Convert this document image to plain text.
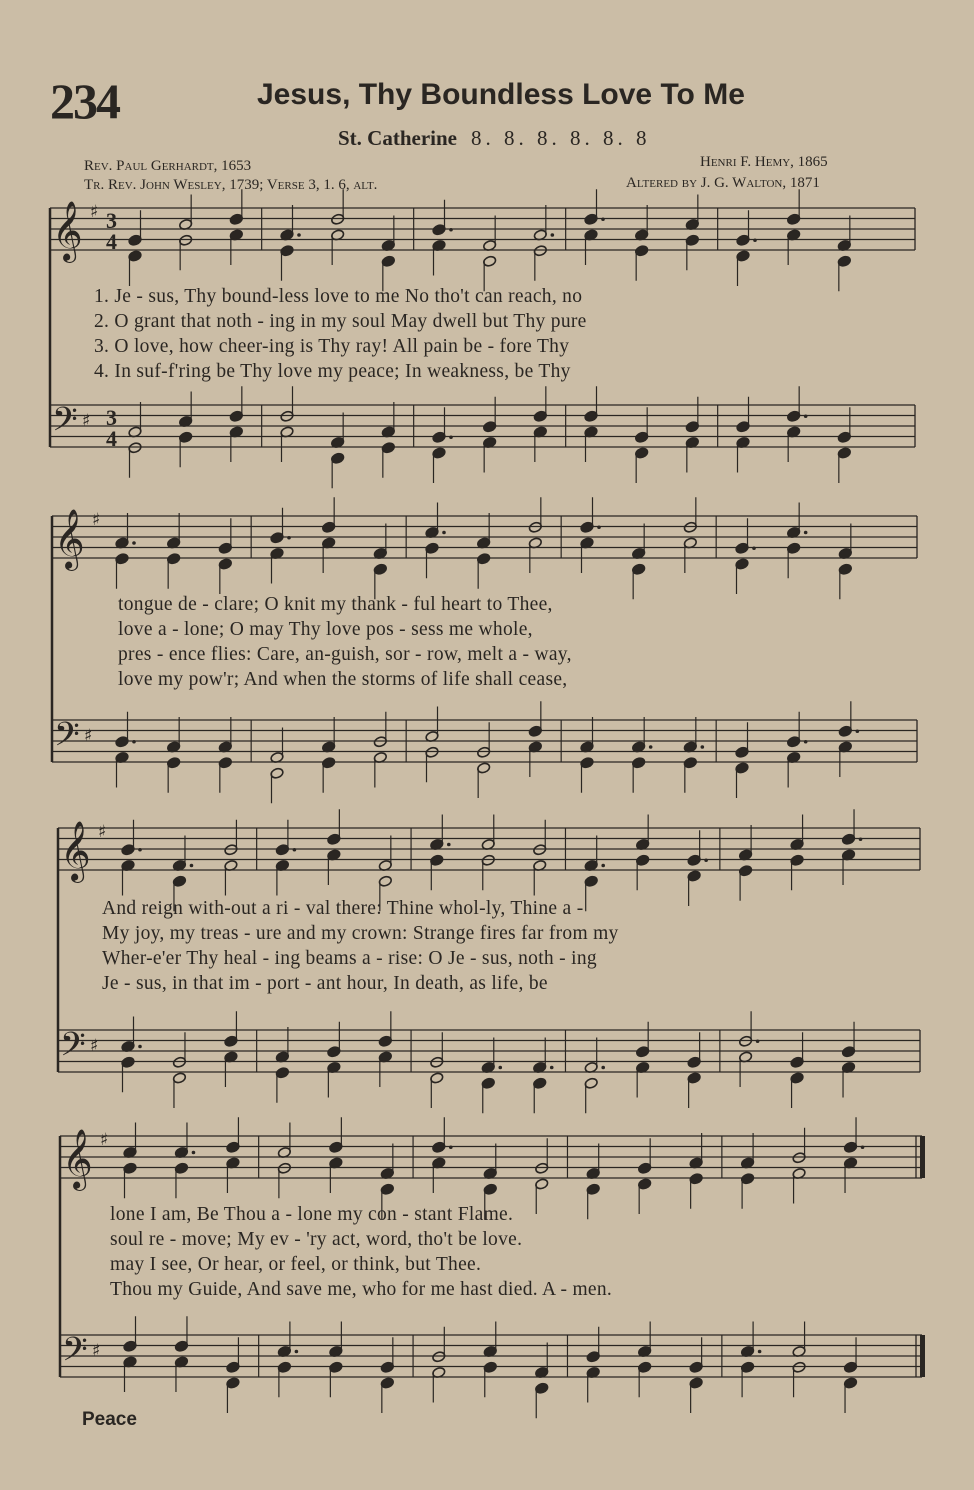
234	Jesus, Thy Boundless Love To Me
St. Catherine 8. 8. 8. 8. 8. 8
Rev. Paul Gerhardt, 1653
Tr. Rev. John Wesley, 1739; Verse 3, 1. 6, alt.
Henri F. Hemy, 1865
Altered by J. G. Walton, 1871
𝄞 ♯ 3
4
𝄢 ♯ 3
4
𝄞 ♯
𝄢 ♯
𝄞 ♯
𝄢 ♯
𝄞 ♯
𝄢 ♯
1. Je - sus, Thy bound-less love to me No tho't can reach, no
2. O grant that noth - ing in my soul May dwell but Thy pure
3. O love, how cheer-ing is Thy ray! All pain be - fore Thy
4. In suf-f'ring be Thy love my peace; In weakness, be Thy
tongue de - clare; O knit my thank - ful heart to Thee,
love a - lone; O may Thy love pos - sess me whole,
pres - ence flies: Care, an-guish, sor - row, melt a - way,
love my pow'r; And when the storms of life shall cease,
And reign with-out a ri - val there: Thine whol-ly, Thine a -
My joy, my treas - ure and my crown: Strange fires far from my
Wher-e'er Thy heal - ing beams a - rise: O Je - sus, noth - ing
Je - sus, in that im - port - ant hour, In death, as life, be
lone I am, Be Thou a - lone my con - stant Flame.
soul re - move; My ev - 'ry act, word, tho't be love.
may I see, Or hear, or feel, or think, but Thee.
Thou my Guide, And save me, who for me hast died. A - men.
Peace
